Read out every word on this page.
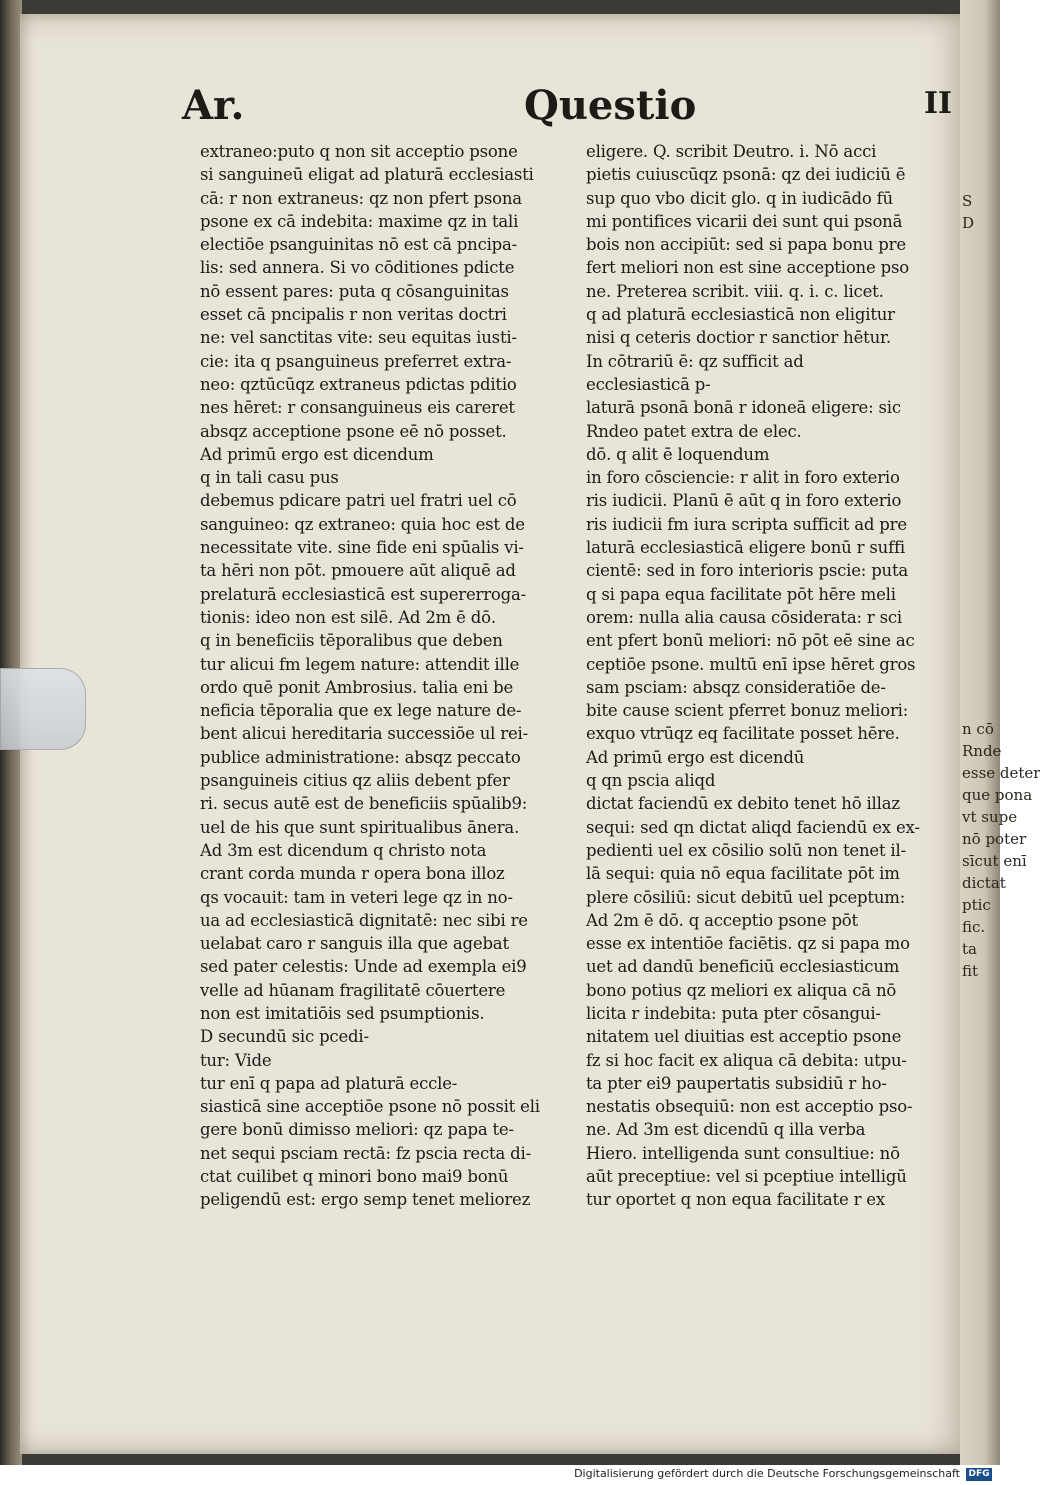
S
D
n cō
Rnde
esse deter
que pona
vt supe
nō poter
sīcut enī
dictat
ptic
fic.
ta
fit
Ar.	Questio	II
extraneo:puto q non sit acceptio psone
si sanguineū eligat ad platurā ecclesiasti
cā: r non extraneus: qz non pfert psona
psone ex cā indebita: maxime qz in tali
electiōe psanguinitas nō est cā pncipa-
lis: sed annera. Si vo cōditiones pdicte
nō essent pares: puta q cōsanguinitas
esset cā pncipalis r non veritas doctri
ne: vel sanctitas vite: seu equitas iusti-
cie: ita q psanguineus preferret extra-
neo: qztūcūqz extraneus pdictas pditio
nes hēret: r consanguineus eis careret
absqz acceptione psone eē nō posset.
Ad primū ergo est dicendum
q in tali casu pus
debemus pdicare patri uel fratri uel cō
sanguineo: qz extraneo: quia hoc est de
necessitate vite. sine fide eni spūalis vi-
ta hēri non pōt. pmouere aūt aliquē ad
prelaturā ecclesiasticā est supererroga-
tionis: ideo non est silē. Ad 2m ē dō.
q in beneficiis tēporalibus que deben
tur alicui fm legem nature: attendit ille
ordo quē ponit Ambrosius. talia eni be
neficia tēporalia que ex lege nature de-
bent alicui hereditaria successiōe ul rei-
publice administratione: absqz peccato
psanguineis citius qz aliis debent pfer
ri. secus autē est de beneficiis spūalib9:
uel de his que sunt spiritualibus ānera.
Ad 3m est dicendum q christo nota
crant corda munda r opera bona illoz
qs vocauit: tam in veteri lege qz in no-
ua ad ecclesiasticā dignitatē: nec sibi re
uelabat caro r sanguis illa que agebat
sed pater celestis: Unde ad exempla ei9
velle ad hūanam fragilitatē cōuertere
non est imitatiōis sed psumptionis.
D secundū sic pcedi-
tur: Vide
tur enī q papa ad platurā eccle-
siasticā sine acceptiōe psone nō possit eli
gere bonū dimisso meliori: qz papa te-
net sequi psciam rectā: fz pscia recta di-
ctat cuilibet q minori bono mai9 bonū
peligendū est: ergo semp tenet meliorez
eligere. Q. scribit Deutro. i. Nō acci
pietis cuiuscūqz psonā: qz dei iudiciū ē
sup quo vbo dicit glo. q in iudicādo fū
mi pontifices vicarii dei sunt qui psonā
bois non accipiūt: sed si papa bonu pre
fert meliori non est sine acceptione pso
ne. Preterea scribit. viii. q. i. c. licet.
q ad platurā ecclesiasticā non eligitur
nisi q ceteris doctior r sanctior hētur.
In cōtrariū ē: qz sufficit ad
ecclesiasticā p-
laturā psonā bonā r idoneā eligere: sic
Rndeo patet extra de elec.
dō. q alit ē loquendum
in foro cōsciencie: r alit in foro exterio
ris iudicii. Planū ē aūt q in foro exterio
ris iudicii fm iura scripta sufficit ad pre
laturā ecclesiasticā eligere bonū r suffi
cientē: sed in foro interioris pscie: puta
q si papa equa facilitate pōt hēre meli
orem: nulla alia causa cōsiderata: r sci
ent pfert bonū meliori: nō pōt eē sine ac
ceptiōe psone. multū enī ipse hēret gros
sam psciam: absqz consideratiōe de-
bite cause scient pferret bonuz meliori:
exquo vtrūqz eq facilitate posset hēre.
Ad primū ergo est dicendū
q qn pscia aliqd
dictat faciendū ex debito tenet hō illaz
sequi: sed qn dictat aliqd faciendū ex ex-
pedienti uel ex cōsilio solū non tenet il-
lā sequi: quia nō equa facilitate pōt im
plere cōsiliū: sicut debitū uel pceptum:
Ad 2m ē dō. q acceptio psone pōt
esse ex intentiōe faciētis. qz si papa mo
uet ad dandū beneficiū ecclesiasticum
bono potius qz meliori ex aliqua cā nō
licita r indebita: puta pter cōsangui-
nitatem uel diuitias est acceptio psone
fz si hoc facit ex aliqua cā debita: utpu-
ta pter ei9 paupertatis subsidiū r ho-
nestatis obsequiū: non est acceptio pso-
ne. Ad 3m est dicendū q illa verba
Hiero. intelligenda sunt consultiue: nō
aūt preceptiue: vel si pceptiue intelligū
tur oportet q non equa facilitate r ex
Digitalisierung gefördert durch die Deutsche Forschungsgemeinschaft DFG
